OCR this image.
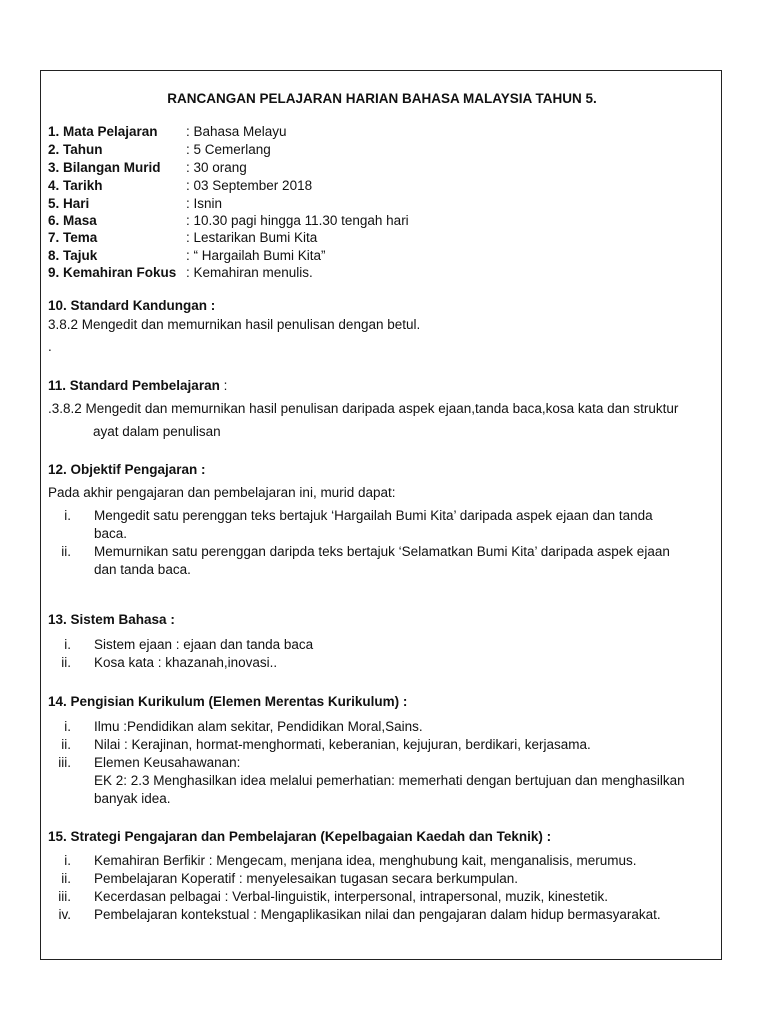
RANCANGAN PELAJARAN HARIAN BAHASA MALAYSIA TAHUN 5.
1. Mata Pelajaran : Bahasa Melayu
2. Tahun	: 5 Cemerlang
3. Bilangan Murid : 30 orang
4. Tarikh	: 03 September 2018
5. Hari	: Isnin
6. Masa	: 10.30 pagi hingga 11.30 tengah hari
7. Tema	: Lestarikan Bumi Kita
8. Tajuk	: “ Hargailah Bumi Kita”
9. Kemahiran Fokus : Kemahiran menulis.
10. Standard Kandungan :
3.8.2 Mengedit dan memurnikan hasil penulisan dengan betul.
.
11. Standard Pembelajaran :
.3.8.2 Mengedit dan memurnikan hasil penulisan daripada aspek ejaan,tanda baca,kosa kata dan struktur
ayat dalam penulisan
12. Objektif Pengajaran :
Pada akhir pengajaran dan pembelajaran ini, murid dapat:
i. Mengedit satu perenggan teks bertajuk ‘Hargailah Bumi Kita’ daripada aspek ejaan dan tanda
baca.
ii. Memurnikan satu perenggan daripda teks bertajuk ‘Selamatkan Bumi Kita’ daripada aspek ejaan
dan tanda baca.
13. Sistem Bahasa :
i. Sistem ejaan : ejaan dan tanda baca
ii. Kosa kata : khazanah,inovasi..
14. Pengisian Kurikulum (Elemen Merentas Kurikulum) :
i. Ilmu :Pendidikan alam sekitar, Pendidikan Moral,Sains.
ii. Nilai : Kerajinan, hormat-menghormati, keberanian, kejujuran, berdikari, kerjasama.
iii. Elemen Keusahawanan:
EK 2: 2.3 Menghasilkan idea melalui pemerhatian: memerhati dengan bertujuan dan menghasilkan
banyak idea.
15. Strategi Pengajaran dan Pembelajaran (Kepelbagaian Kaedah dan Teknik) :
i. Kemahiran Berfikir : Mengecam, menjana idea, menghubung kait, menganalisis, merumus.
ii. Pembelajaran Koperatif : menyelesaikan tugasan secara berkumpulan.
iii. Kecerdasan pelbagai : Verbal-linguistik, interpersonal, intrapersonal, muzik, kinestetik.
iv. Pembelajaran kontekstual : Mengaplikasikan nilai dan pengajaran dalam hidup bermasyarakat.
